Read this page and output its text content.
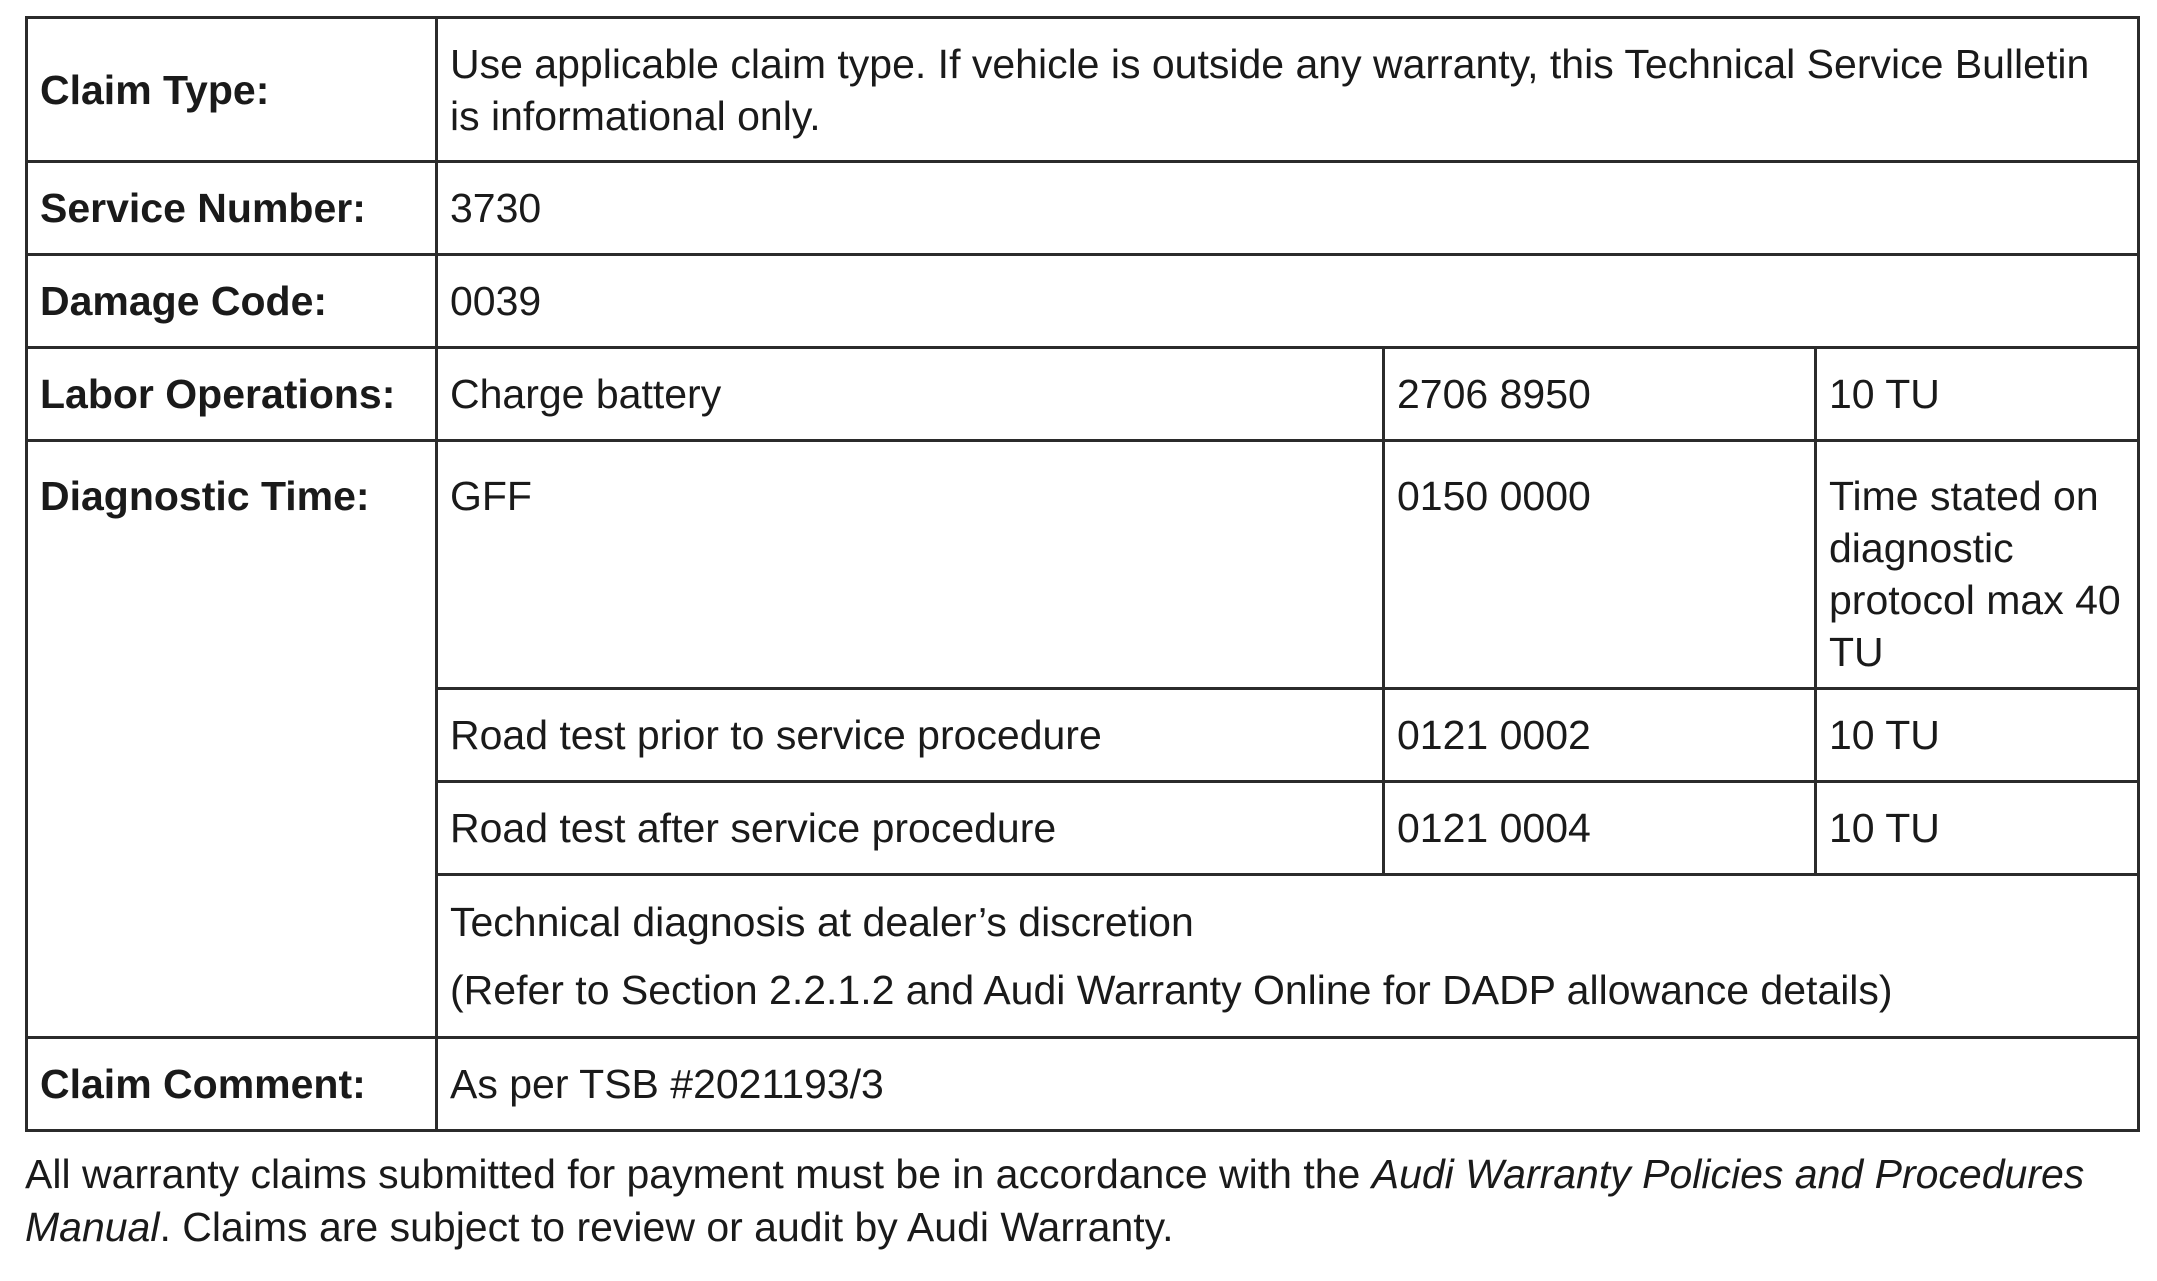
Claim Type:	Use applicable claim type. If vehicle is outside any warranty, this Technical Service Bulletin is informational only.		
Service Number:	3730		
Damage Code:	0039		
Labor Operations:	Charge battery	2706 8950	10 TU
Diagnostic Time:	GFF	0150 0000	Time stated on diagnostic protocol max 40 TU
	Road test prior to service procedure	0121 0002	10 TU
	Road test after service procedure	0121 0004	10 TU

	Technical diagnosis at dealer’s discretion
(Refer to Section 2.2.1.2 and Audi Warranty Online for DADP allowance details)		

Claim Comment:	As per TSB #2021193/3		

All warranty claims submitted for payment must be in accordance with the Audi Warranty Policies and Procedures Manual. Claims are subject to review or audit by Audi Warranty.
